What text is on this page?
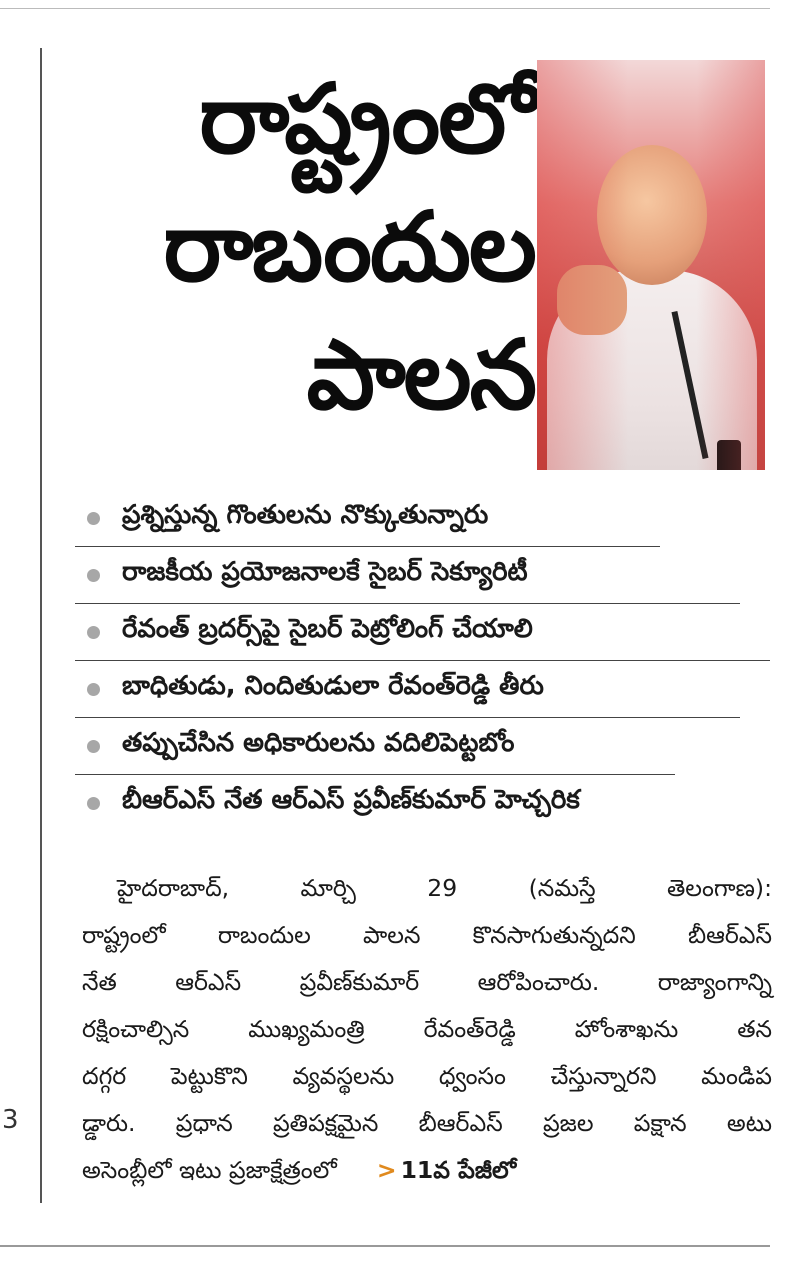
3
రాష్ట్రంలో
రాబందుల
పాలన
ప్రశ్నిస్తున్న గొంతులను నొక్కుతున్నారు
రాజకీయ ప్రయోజనాలకే సైబర్ సెక్యూరిటీ
రేవంత్ బ్రదర్స్‌పై సైబర్ పెట్రోలింగ్ చేయాలి
బాధితుడు, నిందితుడులా రేవంత్‌రెడ్డి తీరు
తప్పుచేసిన అధికారులను వదిలిపెట్టబోం
బీఆర్ఎస్ నేత ఆర్ఎస్ ప్రవీణ్‌కుమార్ హెచ్చరిక

హైదరాబాద్, మార్చి 29 (నమస్తే తెలంగాణ):

రాష్ట్రంలో రాబందుల పాలన కొనసాగుతున్నదని బీఆర్ఎస్

నేత ఆర్ఎస్ ప్రవీణ్‌కుమార్ ఆరోపించారు. రాజ్యాంగాన్ని

రక్షించాల్సిన ముఖ్యమంత్రి రేవంత్‌రెడ్డి హోంశాఖను తన

దగ్గర పెట్టుకొని వ్యవస్థలను ధ్వంసం చేస్తున్నారని మండిప

డ్డారు. ప్రధాన ప్రతిపక్షమైన బీఆర్ఎస్ ప్రజల పక్షాన అటు

అసెంబ్లీలో ఇటు ప్రజాక్షేత్రంలో > 11వ పేజీలో
